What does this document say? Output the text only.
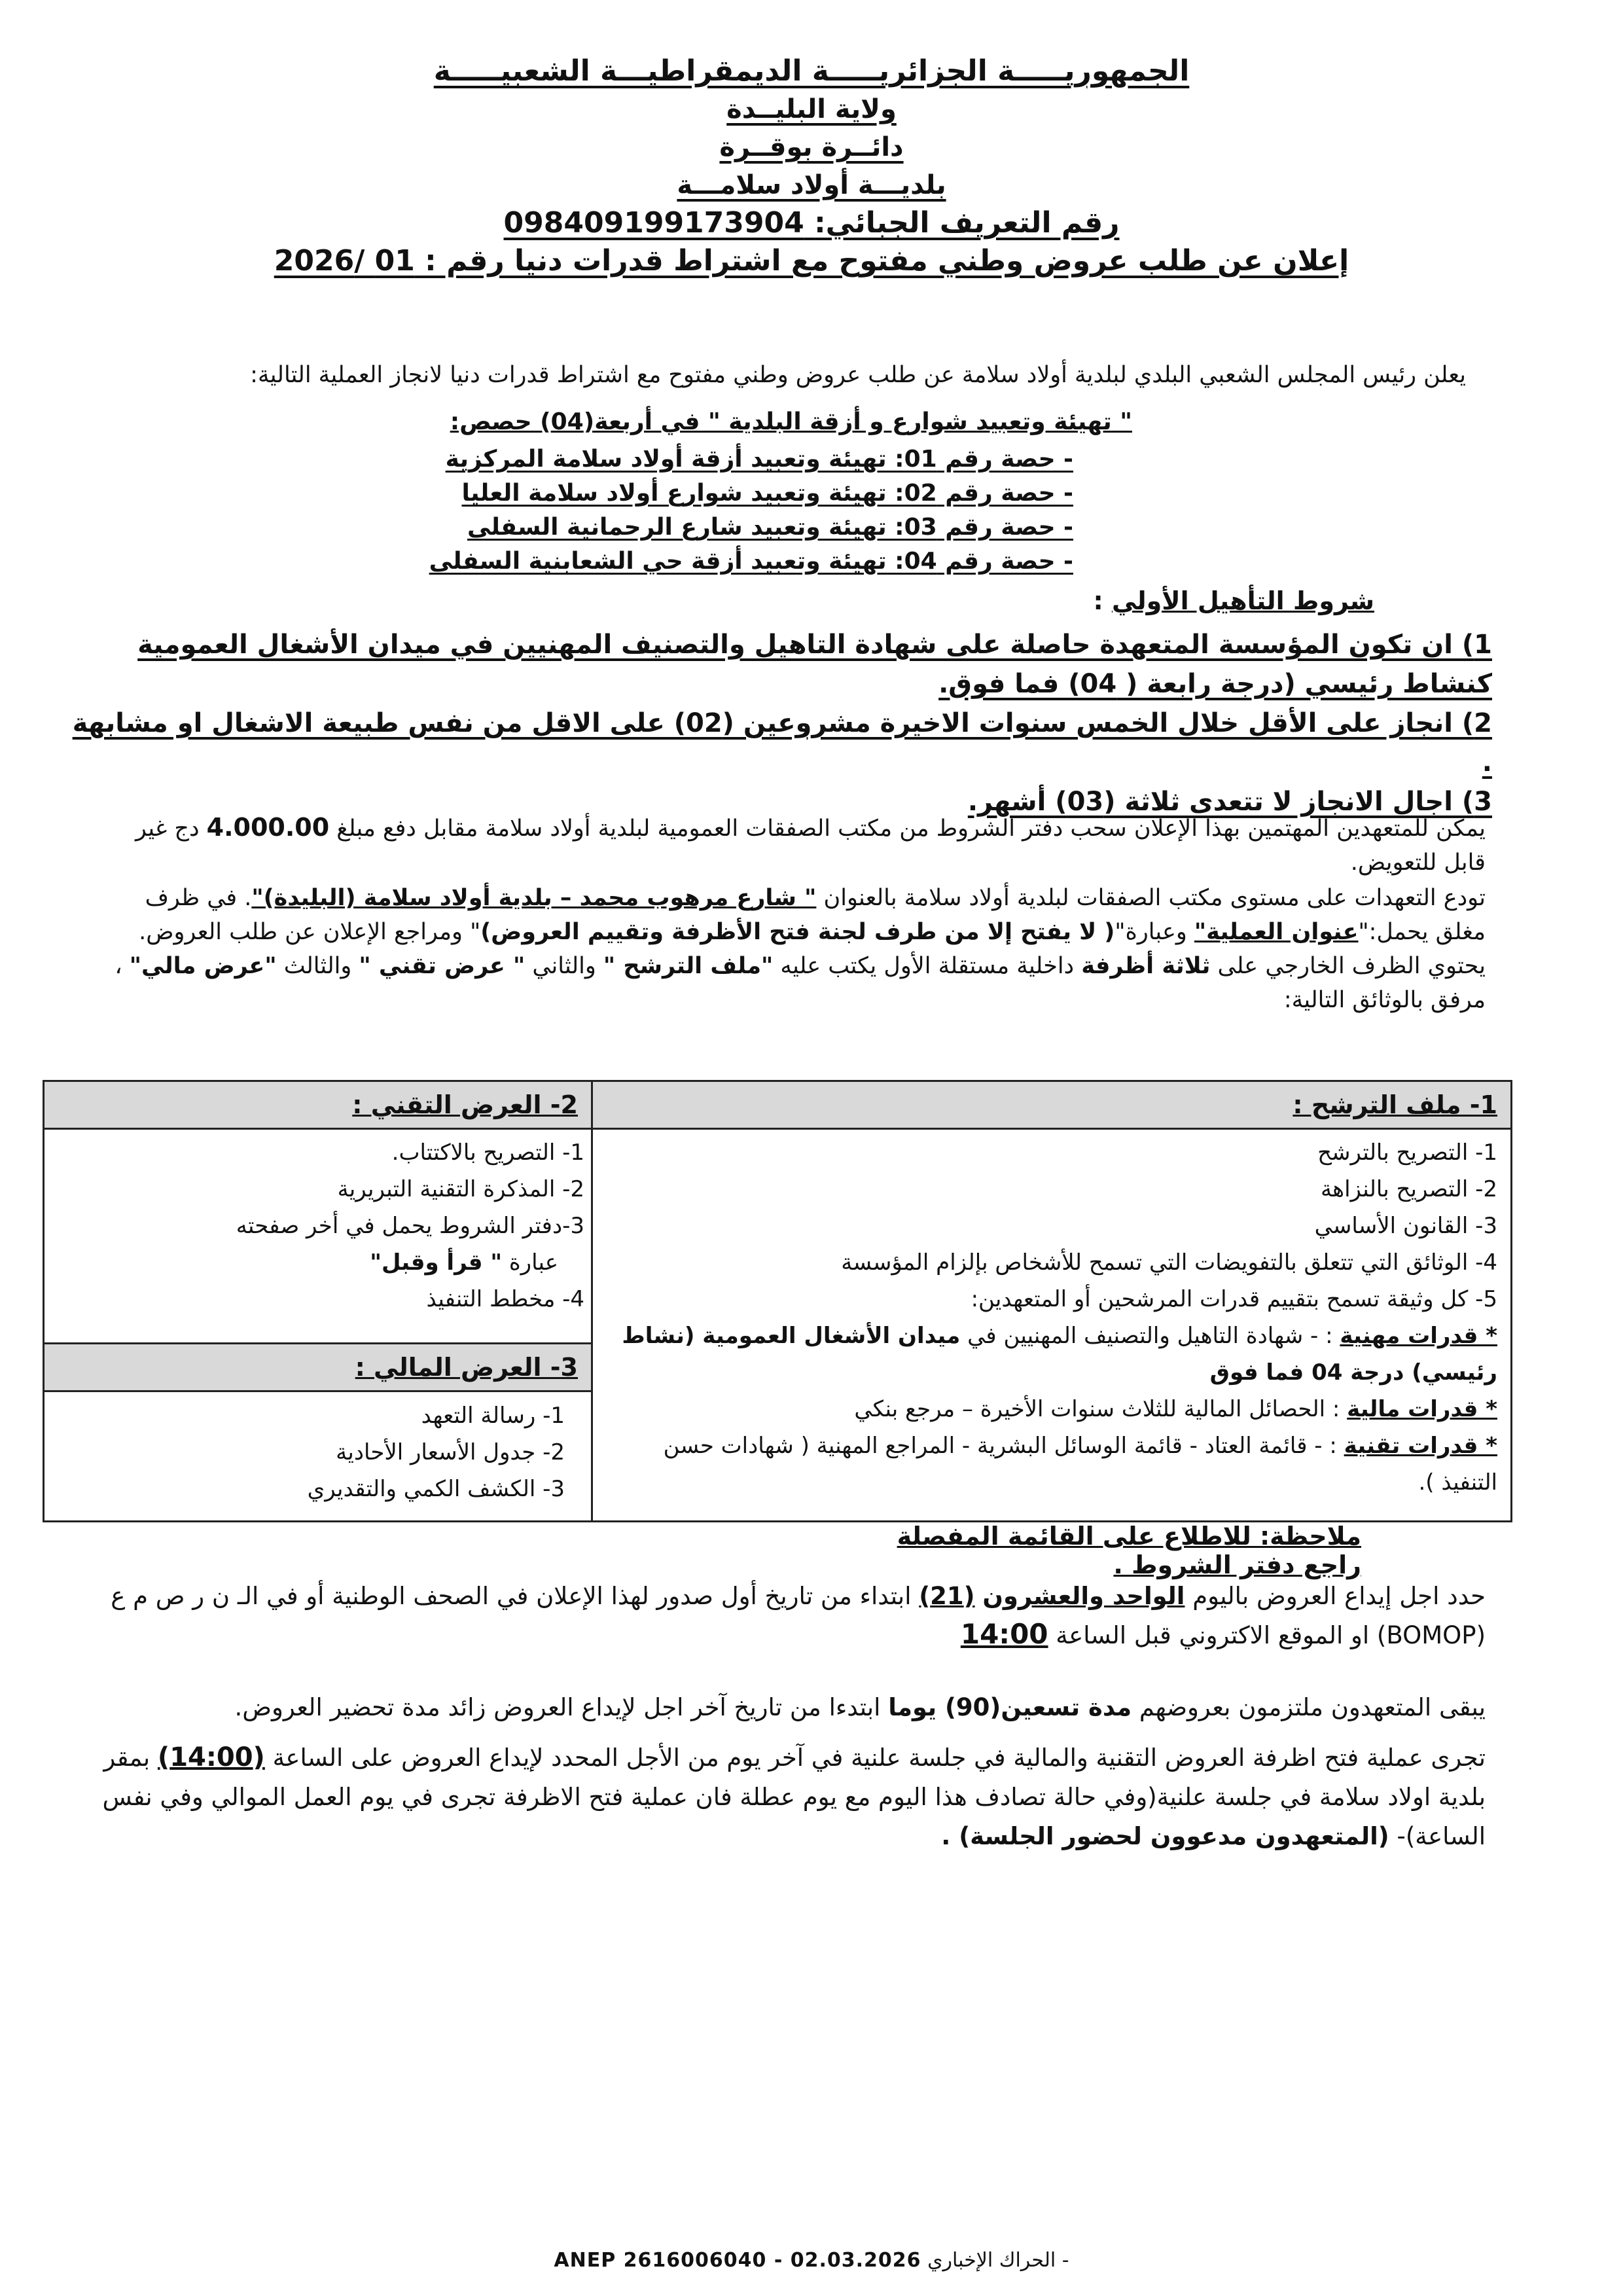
الجمهوريـــــة الجزائريـــــة الديمقراطيـــة الشعبيـــــة
ولاية البليــدة
دائــرة بوقــرة
بلديـــة أولاد سلامـــة
رقم التعريف الجبائي: 098409199173904
إعلان عن طلب عروض وطني مفتوح مع اشتراط قدرات دنيا رقم : 01 /2026
يعلن رئيس المجلس الشعبي البلدي لبلدية أولاد سلامة عن طلب عروض وطني مفتوح مع اشتراط قدرات دنيا لانجاز العملية التالية:
" تهيئة وتعبيد شوارع و أزقة البلدية " في أربعة(04) حصص:
- حصة رقم 01: تهيئة وتعبيد أزقة أولاد سلامة المركزية
- حصة رقم 02: تهيئة وتعبيد شوارع أولاد سلامة العليا
- حصة رقم 03: تهيئة وتعبيد شارع الرحمانية السفلى
- حصة رقم 04: تهيئة وتعبيد أزقة حي الشعابنية السفلى
شروط التأهيل الأولي :
1) ان تكون المؤسسة المتعهدة حاصلة على شهادة التاهيل والتصنيف المهنيين في ميدان الأشغال العمومية كنشاط رئيسي (درجة رابعة ( 04) فما فوق.
2) انجاز على الأقل خلال الخمس سنوات الاخيرة مشروعين (02) على الاقل من نفس طبيعة الاشغال او مشابهة .
3) اجال الانجاز لا تتعدى ثلاثة (03) أشهر.
يمكن للمتعهدين المهتمين بهذا الإعلان سحب دفتر الشروط من مكتب الصفقات العمومية لبلدية أولاد سلامة مقابل دفع مبلغ 4.000.00 دج غير قابل للتعويض.
تودع التعهدات على مستوى مكتب الصفقات لبلدية أولاد سلامة بالعنوان " شارع مرهوب محمد – بلدية أولاد سلامة (البليدة)". في ظرف مغلق يحمل:"عنوان العملية" وعبارة"( لا يفتح إلا من طرف لجنة فتح الأظرفة وتقييم العروض)" ومراجع الإعلان عن طلب العروض.
يحتوي الظرف الخارجي على ثلاثة أظرفة داخلية مستقلة الأول يكتب عليه "ملف الترشح " والثاني " عرض تقني " والثالث "عرض مالي" ، مرفق بالوثائق التالية:
1- ملف الترشح :
2- العرض التقني :
1- التصريح بالترشح
2- التصريح بالنزاهة
3- القانون الأساسي
4- الوثائق التي تتعلق بالتفويضات التي تسمح للأشخاص بإلزام المؤسسة
5- كل وثيقة تسمح بتقييم قدرات المرشحين أو المتعهدين:
* قدرات مهنية : - شهادة التاهيل والتصنيف المهنيين في ميدان الأشغال العمومية (نشاط رئيسي) درجة 04 فما فوق
* قدرات مالية : الحصائل المالية للثلاث سنوات الأخيرة – مرجع بنكي
* قدرات تقنية : - قائمة العتاد - قائمة الوسائل البشرية - المراجع المهنية ( شهادات حسن التنفيذ ).
1- التصريح بالاكتتاب.
2- المذكرة التقنية التبريرية
3-دفتر الشروط يحمل في أخر صفحته
عبارة " قرأ وقبل"
4- مخطط التنفيذ
3- العرض المالي :
1- رسالة التعهد
2- جدول الأسعار الأحادية
3- الكشف الكمي والتقديري
ملاحظة: للاطلاع على القائمة المفصلة راجع دفتر الشروط .
حدد اجل إيداع العروض باليوم الواحد والعشرون (21) ابتداء من تاريخ أول صدور لهذا الإعلان في الصحف الوطنية أو في الـ ن ر ص م ع (BOMOP) او الموقع الاكتروني قبل الساعة 14:00
يبقى المتعهدون ملتزمون بعروضهم مدة تسعين(90) يوما ابتدءا من تاريخ آخر اجل لإيداع العروض زائد مدة تحضير العروض.
تجرى عملية فتح اظرفة العروض التقنية والمالية في جلسة علنية في آخر يوم من الأجل المحدد لإيداع العروض على الساعة (14:00) بمقر بلدية اولاد سلامة في جلسة علنية(وفي حالة تصادف هذا اليوم مع يوم عطلة فان عملية فتح الاظرفة تجرى في يوم العمل الموالي وفي نفس الساعة)- (المتعهدون مدعوون لحضور الجلسة) .
ANEP 2616006040 - 02.03.2026 الحراك الإخباري -
